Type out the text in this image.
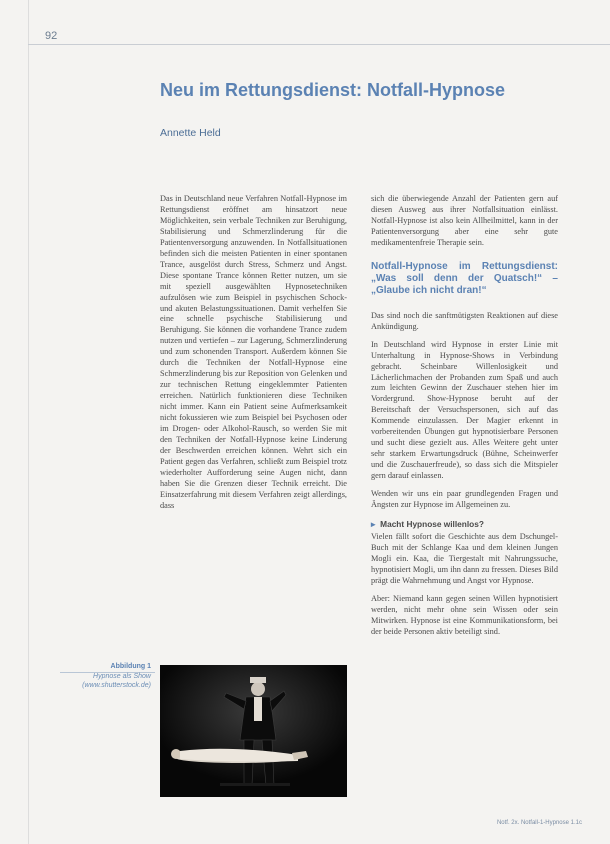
92
Neu im Rettungsdienst: Notfall-Hypnose
Annette Held

Das in Deutschland neue Verfahren Notfall-Hypnose im Rettungsdienst eröffnet am hinsatzort neue Möglichkeiten, sein verbale Techniken zur Beruhigung, Stabilisierung und Schmerzlinderung für die Patientenversorgung anzuwenden. In Notfallsituationen befinden sich die meisten Patienten in einer spontanen Trance, ausgelöst durch Stress, Schmerz und Angst. Diese spontane Trance können Retter nutzen, um sie mit speziell ausgewählten Hypnosetechniken aufzulösen wie zum Beispiel in psychischen Schock- und akuten Belastungssituationen. Damit verhelfen Sie eine schnelle psychische Stabilisierung und Beruhigung. Sie können die vorhandene Trance zudem nutzen und vertiefen – zur Lagerung, Schmerzlinderung und zum schonenden Transport. Außerdem können Sie durch die Techniken der Notfall-Hypnose eine Schmerzlinderung bis zur Reposition von Gelenken und zur technischen Rettung eingeklemmter Patienten erreichen. Natürlich funktionieren diese Techniken nicht immer. Kann ein Patient seine Aufmerksamkeit nicht fokussieren wie zum Beispiel bei Psychosen oder im Drogen- oder Alkohol-Rausch, so werden Sie mit den Techniken der Notfall-Hypnose keine Linderung der Beschwerden erreichen können. Wehrt sich ein Patient gegen das Verfahren, schließt zum Beispiel trotz wiederholter Aufforderung seine Augen nicht, dann haben Sie die Grenzen dieser Technik erreicht. Die Einsatzerfahrung mit diesem Verfahren zeigt allerdings, dass

sich die überwiegende Anzahl der Patienten gern auf diesen Ausweg aus ihrer Notfallsituation einlässt. Notfall-Hypnose ist also kein Allheilmittel, kann in der Patientenversorgung aber eine sehr gute medikamentenfreie Therapie sein.

Notfall-Hypnose im Rettungsdienst: „Was soll denn der Quatsch!“ – „Glaube ich nicht dran!“

Das sind noch die sanftmütigsten Reaktionen auf diese Ankündigung.

In Deutschland wird Hypnose in erster Linie mit Unterhaltung in Hypnose-Shows in Verbindung gebracht. Scheinbare Willenlosigkeit und Lächerlichmachen der Probanden zum Spaß und auch zum leichten Gewinn der Zuschauer stehen hier im Vordergrund. Show-Hypnose beruht auf der Bereitschaft der Versuchspersonen, sich auf das Kommende einzulassen. Der Magier erkennt in vorbereitenden Übungen gut hypnotisierbare Personen und sucht diese gezielt aus. Alles Weitere geht unter sehr starkem Erwartungsdruck (Bühne, Scheinwerfer und die Zuschauerfreude), so dass sich die Mitspieler gern darauf einlassen.

Wenden wir uns ein paar grundlegenden Fragen und Ängsten zur Hypnose im Allgemeinen zu.

▸ Macht Hypnose willenlos?

Vielen fällt sofort die Geschichte aus dem Dschungel-Buch mit der Schlange Kaa und dem kleinen Jungen Mogli ein. Kaa, die Tiergestalt mit Nahrungssuche, hypnotisiert Mogli, um ihn dann zu fressen. Dieses Bild prägt die Wahrnehmung und Angst vor Hypnose.

Aber: Niemand kann gegen seinen Willen hypnotisiert werden, nicht mehr ohne sein Wissen oder sein Mitwirken. Hypnose ist eine Kommunikationsform, bei der beide Personen aktiv beteiligt sind.

Abbildung 1
Hypnose als Show
(www.shutterstock.de)
Notf. 2x. Notfall-1-Hypnose 1.1c
